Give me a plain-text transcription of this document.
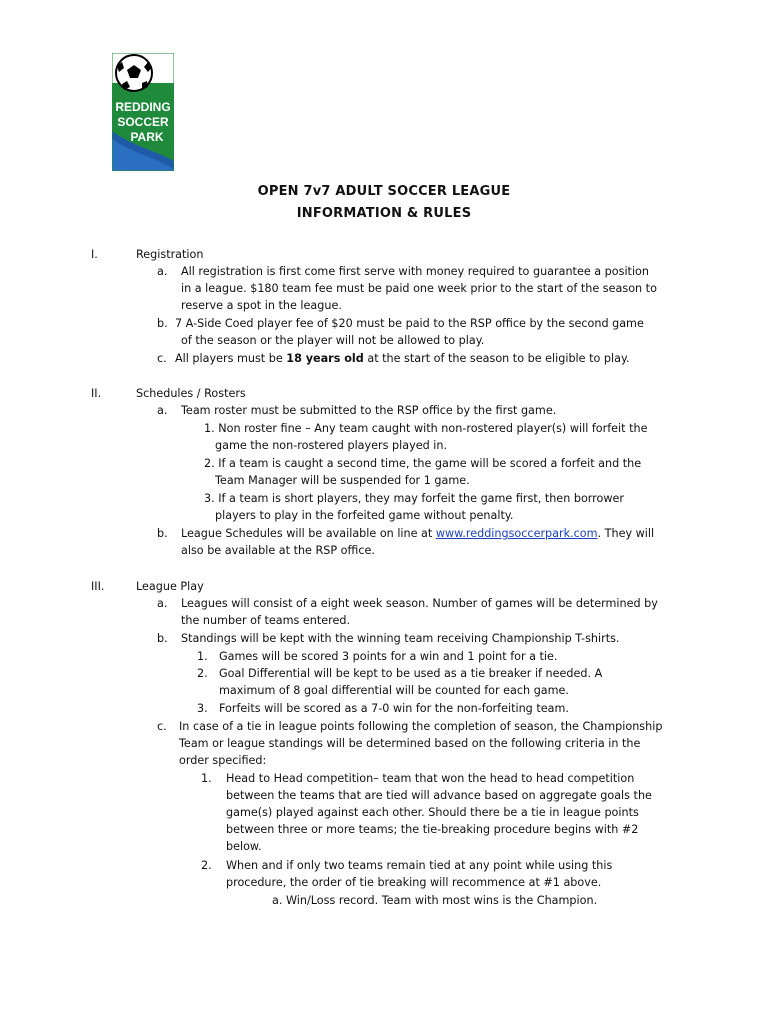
REDDING
SOCCER
PARK
OPEN 7v7 ADULT SOCCER LEAGUE
INFORMATION & RULES
I.	Registration
a. All registration is first come first serve with money required to guarantee a position
in a league. $180 team fee must be paid one week prior to the start of the season to
reserve a spot in the league.
b. 7 A-Side Coed player fee of $20 must be paid to the RSP office by the second game
of the season or the player will not be allowed to play.
c. All players must be 18 years old at the start of the season to be eligible to play.
II.	Schedules / Rosters
a. Team roster must be submitted to the RSP office by the first game.
1. Non roster fine – Any team caught with non-rostered player(s) will forfeit the
game the non-rostered players played in.
2. If a team is caught a second time, the game will be scored a forfeit and the
Team Manager will be suspended for 1 game.
3. If a team is short players, they may forfeit the game first, then borrower
players to play in the forfeited game without penalty.
b. League Schedules will be available on line at www.reddingsoccerpark.com. They will
also be available at the RSP office.
III.	League Play
a. Leagues will consist of a eight week season. Number of games will be determined by
the number of teams entered.
b. Standings will be kept with the winning team receiving Championship T-shirts.
1. Games will be scored 3 points for a win and 1 point for a tie.
2. Goal Differential will be kept to be used as a tie breaker if needed. A
maximum of 8 goal differential will be counted for each game.
3. Forfeits will be scored as a 7-0 win for the non-forfeiting team.
c. In case of a tie in league points following the completion of season, the Championship
Team or league standings will be determined based on the following criteria in the
order specified:
1. Head to Head competition– team that won the head to head competition
between the teams that are tied will advance based on aggregate goals the
game(s) played against each other. Should there be a tie in league points
between three or more teams; the tie-breaking procedure begins with #2
below.
2. When and if only two teams remain tied at any point while using this
procedure, the order of tie breaking will recommence at #1 above.
a. Win/Loss record. Team with most wins is the Champion.
